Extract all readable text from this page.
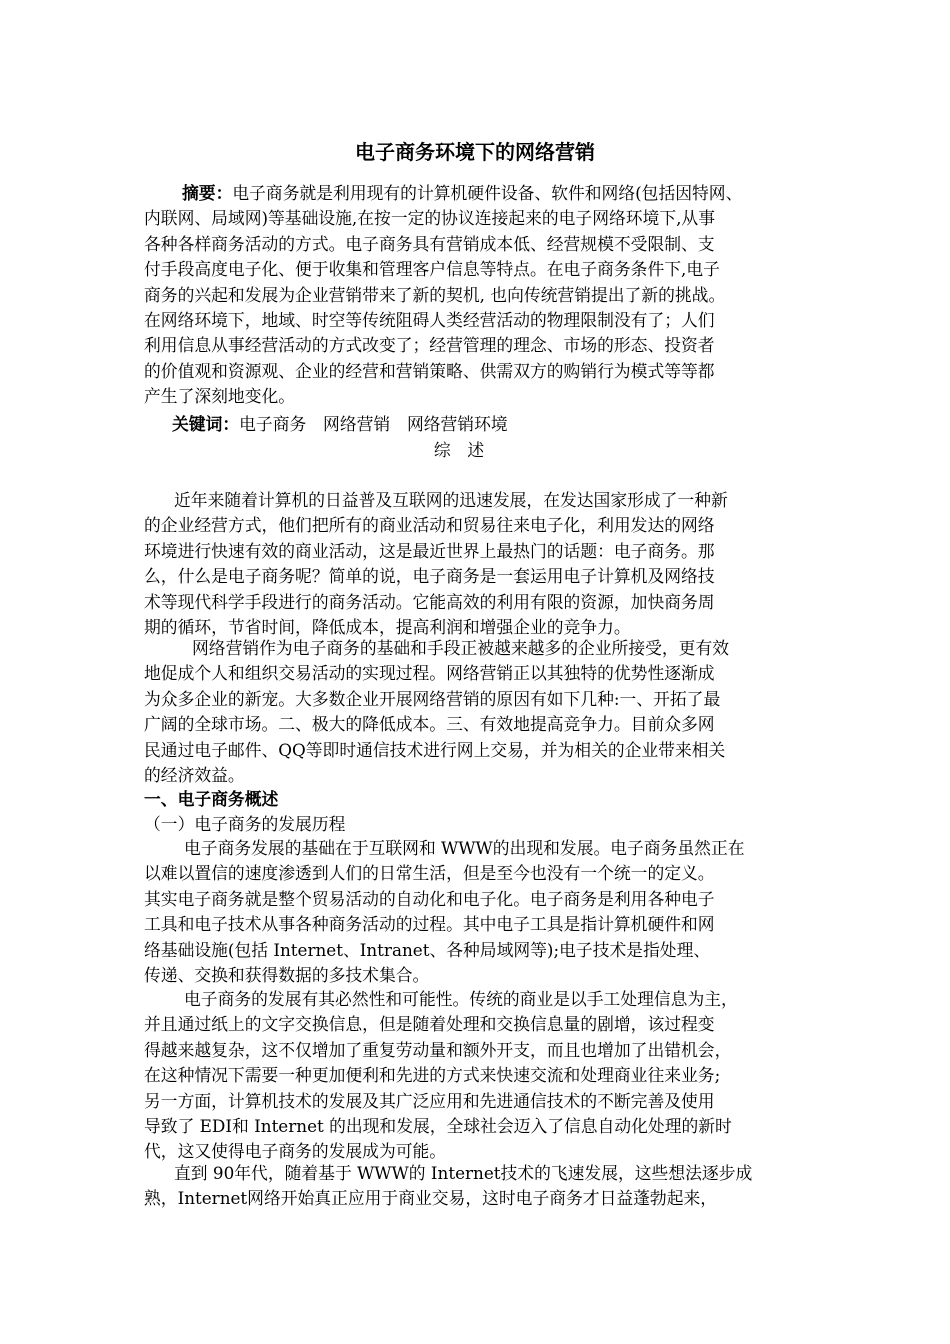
电子商务环境下的网络营销
摘要：电子商务就是利用现有的计算机硬件设备、软件和网络(包括因特网、
内联网、局域网)等基础设施,在按一定的协议连接起来的电子网络环境下,从事
各种各样商务活动的方式。电子商务具有营销成本低、经营规模不受限制、支
付手段高度电子化、便于收集和管理客户信息等特点。在电子商务条件下,电子
商务的兴起和发展为企业营销带来了新的契机, 也向传统营销提出了新的挑战。
在网络环境下，地域、时空等传统阻碍人类经营活动的物理限制没有了；人们
利用信息从事经营活动的方式改变了；经营管理的理念、市场的形态、投资者
的价值观和资源观、企业的经营和营销策略、供需双方的购销行为模式等等都
产生了深刻地变化。
关键词：电子商务　网络营销　网络营销环境
综　述
近年来随着计算机的日益普及互联网的迅速发展，在发达国家形成了一种新
的企业经营方式，他们把所有的商业活动和贸易往来电子化，利用发达的网络
环境进行快速有效的商业活动，这是最近世界上最热门的话题：电子商务。那
么，什么是电子商务呢？简单的说，电子商务是一套运用电子计算机及网络技
术等现代科学手段进行的商务活动。它能高效的利用有限的资源，加快商务周
期的循环，节省时间，降低成本，提高利润和增强企业的竞争力。
网络营销作为电子商务的基础和手段正被越来越多的企业所接受，更有效
地促成个人和组织交易活动的实现过程。网络营销正以其独特的优势性逐渐成
为众多企业的新宠。大多数企业开展网络营销的原因有如下几种:一、开拓了最
广阔的全球市场。二、极大的降低成本。三、有效地提高竞争力。目前众多网
民通过电子邮件、QQ等即时通信技术进行网上交易，并为相关的企业带来相关
的经济效益。
一、电子商务概述
（一）电子商务的发展历程
电子商务发展的基础在于互联网和 WWW的出现和发展。电子商务虽然正在
以难以置信的速度渗透到人们的日常生活，但是至今也没有一个统一的定义。
其实电子商务就是整个贸易活动的自动化和电子化。电子商务是利用各种电子
工具和电子技术从事各种商务活动的过程。其中电子工具是指计算机硬件和网
络基础设施(包括 Internet、Intranet、各种局域网等);电子技术是指处理、
传递、交换和获得数据的多技术集合。
电子商务的发展有其必然性和可能性。传统的商业是以手工处理信息为主，
并且通过纸上的文字交换信息，但是随着处理和交换信息量的剧增，该过程变
得越来越复杂，这不仅增加了重复劳动量和额外开支，而且也增加了出错机会，
在这种情况下需要一种更加便利和先进的方式来快速交流和处理商业往来业务;
另一方面，计算机技术的发展及其广泛应用和先进通信技术的不断完善及使用
导致了 EDI和 Internet 的出现和发展，全球社会迈入了信息自动化处理的新时
代，这又使得电子商务的发展成为可能。
直到 90年代，随着基于 WWW的 Internet技术的飞速发展，这些想法逐步成
熟，Internet网络开始真正应用于商业交易，这时电子商务才日益蓬勃起来，
